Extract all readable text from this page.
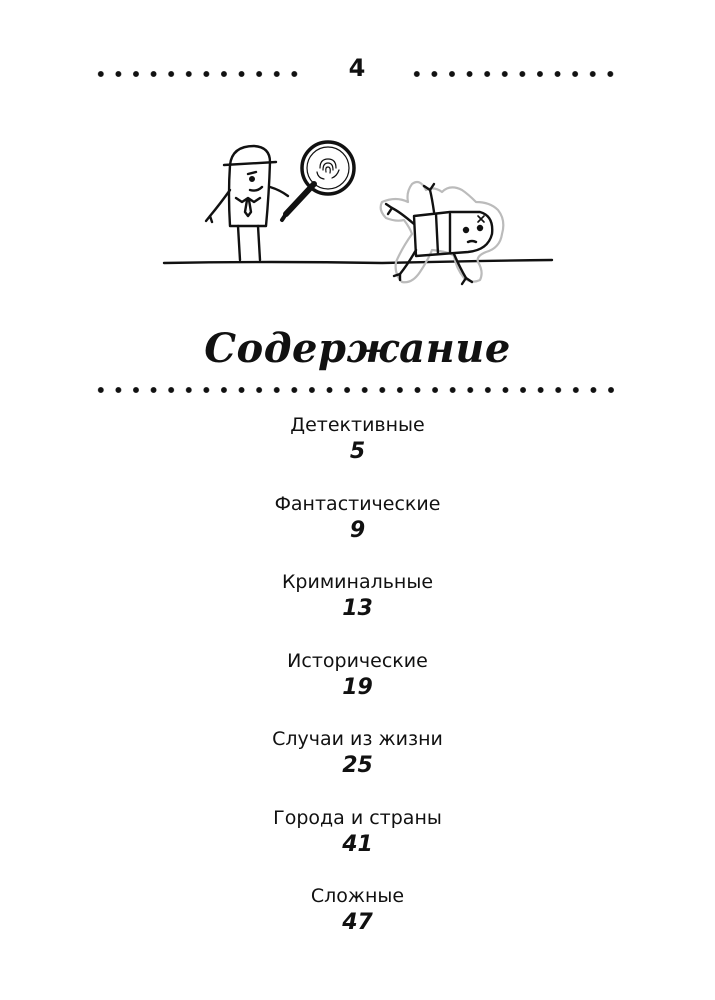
4
Содержание
Детективные
5
Фантастические
9
Криминальные
13
Исторические
19
Случаи из жизни
25
Города и страны
41
Сложные
47
